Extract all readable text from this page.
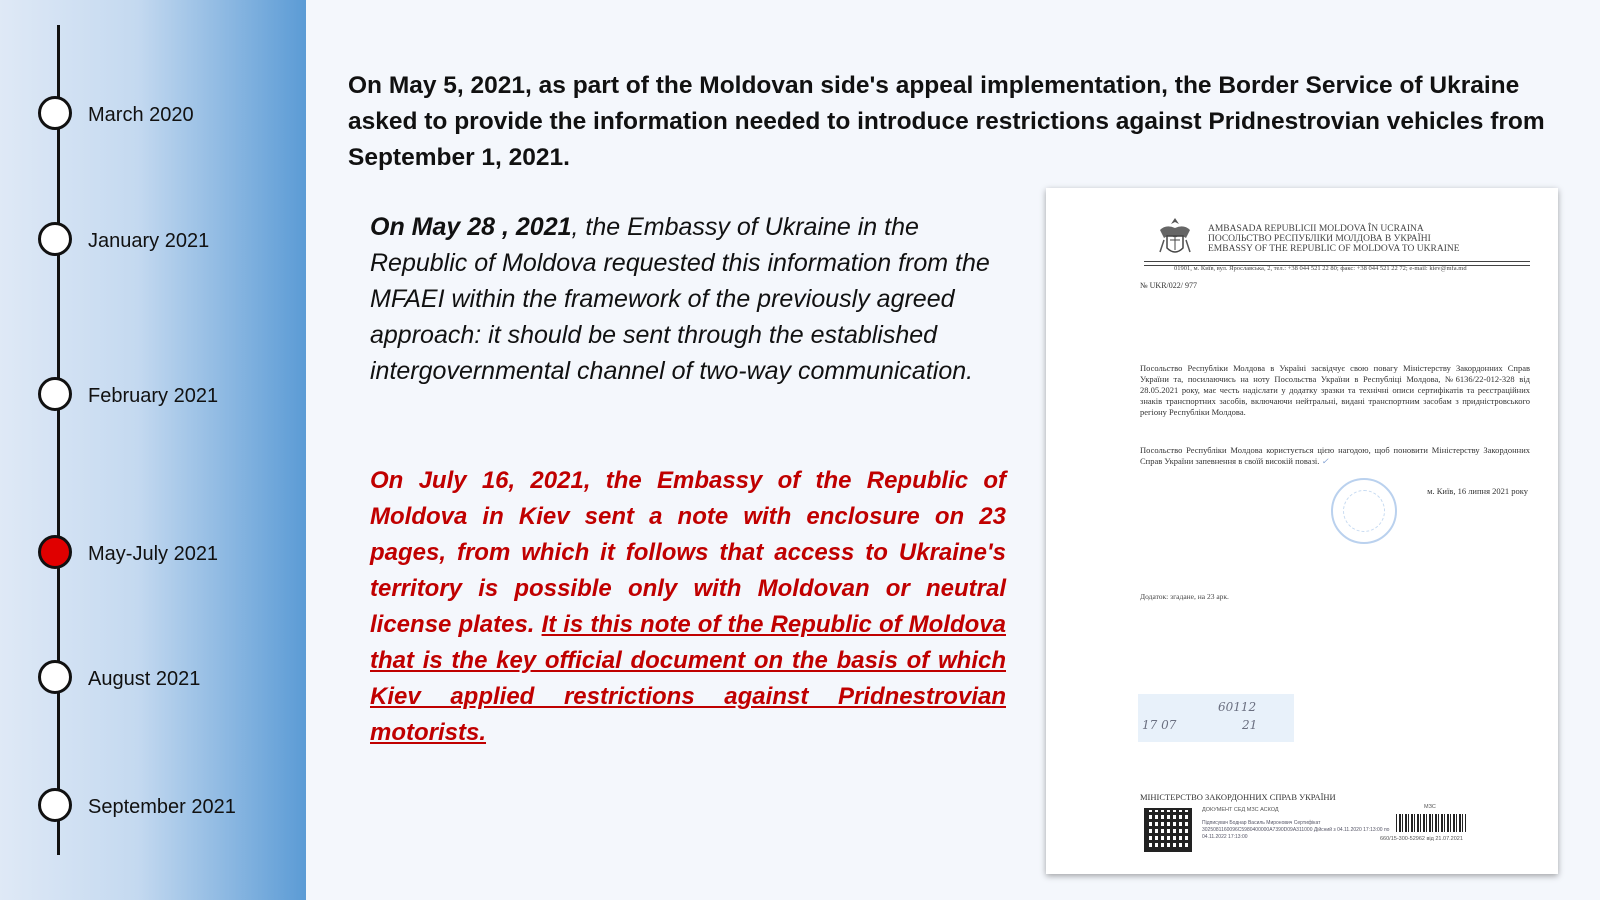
March 2020
January 2021
February 2021
May-July 2021
August 2021
September 2021

On May 5, 2021, as part of the Moldovan side's appeal implementation, the Border Service of Ukraine asked to provide the information needed to introduce restrictions against Pridnestrovian vehicles from September 1, 2021.

On May 28 , 2021, the Embassy of Ukraine in the Republic of Moldova requested this information from the MFAEI within the framework of the previously agreed approach: it should be sent through the established intergovernmental channel of two-way communication.

On July 16, 2021, the Embassy of the Republic of Moldova in Kiev sent a note with enclosure on 23 pages, from which it follows that access to Ukraine's territory is possible only with Moldovan or neutral license plates. It is this note of the Republic of Moldova that is the key official document on the basis of which Kiev applied restrictions against Pridnestrovian motorists.

AMBASADA REPUBLICII MOLDOVA ÎN UCRAINA
ПОСОЛЬСТВО РЕСПУБЛІКИ МОЛДОВА В УКРАЇНІ
EMBASSY OF THE REPUBLIC OF MOLDOVA TO UKRAINE
01901, м. Київ, вул. Ярославська, 2, тел.: +38 044 521 22 80; факс: +38 044 521 22 72; e-mail: kiev@mfa.md
№ UKR/022/ 977

Посольство Республіки Молдова в Україні засвідчує свою повагу Міністерству Закордонних Справ України та, посилаючись на ноту Посольства України в Республіці Молдова, №6136/22-012-328 від 28.05.2021 року, має честь надіслати у додатку зразки та технічні описи сертифікатів та реєстраційних знаків транспортних засобів, включаючи нейтральні, видані транспортним засобам з придністровського регіону Республіки Молдова.

Посольство Республіки Молдова користується цією нагодою, щоб поновити Міністерству Закордонних Справ України запевнення в своїй високій повазі. ✓

м. Київ, 16 липня 2021 року
Додаток: згадане, на 23 арк.
60112
17 07	21
МІНІСТЕРСТВО ЗАКОРДОННИХ СПРАВ УКРАЇНИ
ДОКУМЕНТ СЕД МЗС АСКОД
Підписувач Боднар Василь Миронович Сертифікат 3025081160096С5980400000A7390D09A311000 Дійсний з 04.11.2020 17:13:00 по 04.11.2022 17:13:00
МЗС
660/15-300-52962 від 21.07.2021
